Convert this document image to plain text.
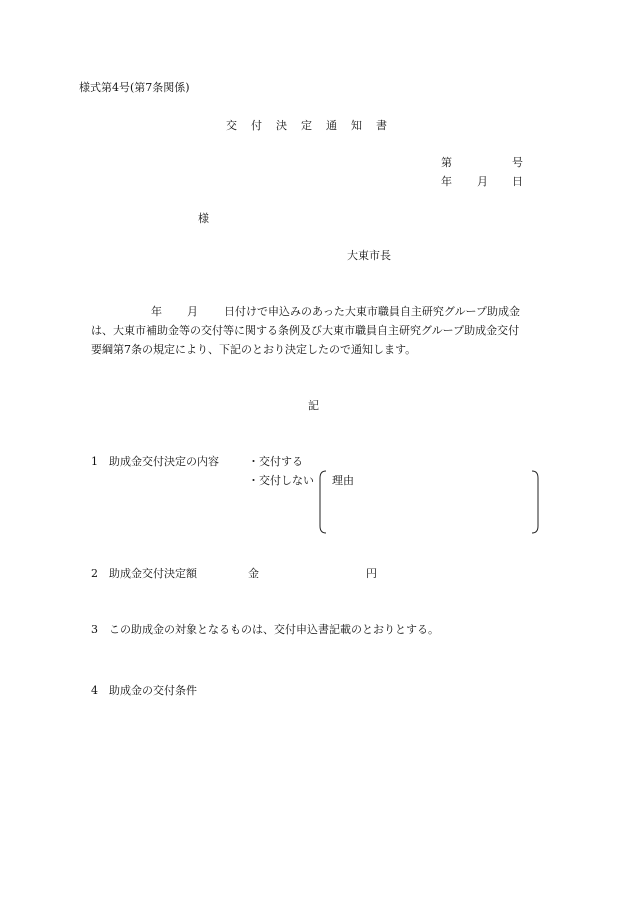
様式第4号(第7条関係)
交 付 決 定 通 知 書
第	号
年 月 日
様
大東市長
年 月 日付けで申込みのあった大東市職員自主研究グループ助成金
は、大東市補助金等の交付等に関する条例及び大東市職員自主研究グループ助成金交付
要綱第7条の規定により、下記のとおり決定したので通知します。
記
1　助成金交付決定の内容	・交付する
・交付しない 理由
2　助成金交付決定額	金	円
3　この助成金の対象となるものは、交付申込書記載のとおりとする。
4　助成金の交付条件
